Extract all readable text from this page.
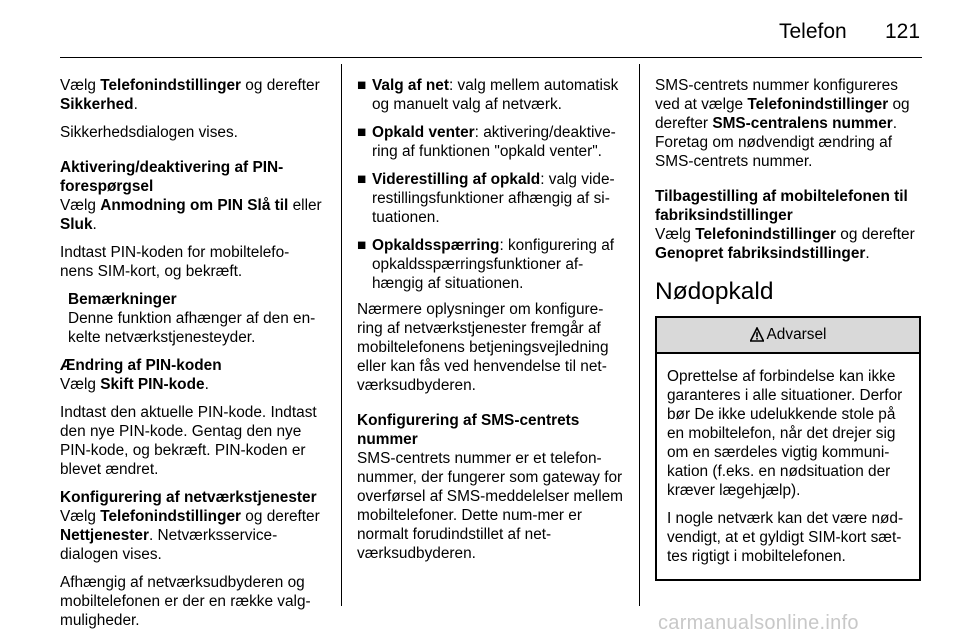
Telefon 121

Vælg Telefonindstillinger og derefter
Sikkerhed.

Sikkerhedsdialogen vises.

Aktivering/deaktivering af PIN-
forespørgsel

Vælg Anmodning om PIN Slå til eller
Sluk.

Indtast PIN-koden for mobiltelefo-
nens SIM-kort, og bekræft.

Bemærkninger

Denne funktion afhænger af den en-
kelte netværkstjenesteyder.

Ændring af PIN-koden

Vælg Skift PIN-kode.

Indtast den aktuelle PIN-kode. Indtast den nye PIN-kode. Gentag den nye PIN-kode, og bekræft. PIN-koden er blevet ændret.

Konfigurering af netværkstjenester

Vælg Telefonindstillinger og derefter
Nettjenester. Netværksservice-dialogen vises.

Afhængig af netværksudbyderen og mobiltelefonen er der en række valg-
muligheder.

■ Valg af net: valg mellem automatisk og manuelt valg af netværk.
■ Opkald venter: aktivering/deaktive-ring af funktionen "opkald venter".
■ Viderestilling af opkald: valg vide-restillingsfunktioner afhængig af si-tuationen.
■ Opkaldsspærring: konfigurering af opkaldsspærringsfunktioner af-hængig af situationen.

Nærmere oplysninger om konfigure-ring af netværkstjenester fremgår af mobiltelefonens betjeningsvejledning eller kan fås ved henvendelse til net-værksudbyderen.

Konfigurering af SMS-centrets nummer

SMS-centrets nummer er et telefon-nummer, der fungerer som gateway for overførsel af SMS-meddelelser mellem mobiltelefoner. Dette num-mer er normalt forudindstillet af net-værksudbyderen.

SMS-centrets nummer konfigureres ved at vælge Telefonindstillinger og derefter SMS-centralens nummer. Foretag om nødvendigt ændring af SMS-centrets nummer.

Tilbagestilling af mobiltelefonen til fabriksindstillinger

Vælg Telefonindstillinger og derefter
Genopret fabriksindstillinger.

Nødopkald
Advarsel

Oprettelse af forbindelse kan ikke garanteres i alle situationer. Derfor bør De ikke udelukkende stole på en mobiltelefon, når det drejer sig om en særdeles vigtig kommuni-kation (f.eks. en nødsituation der kræver lægehjælp).

I nogle netværk kan det være nød-vendigt, at et gyldigt SIM-kort sæt-tes rigtigt i mobiltelefonen.

carmanualsonline.info
